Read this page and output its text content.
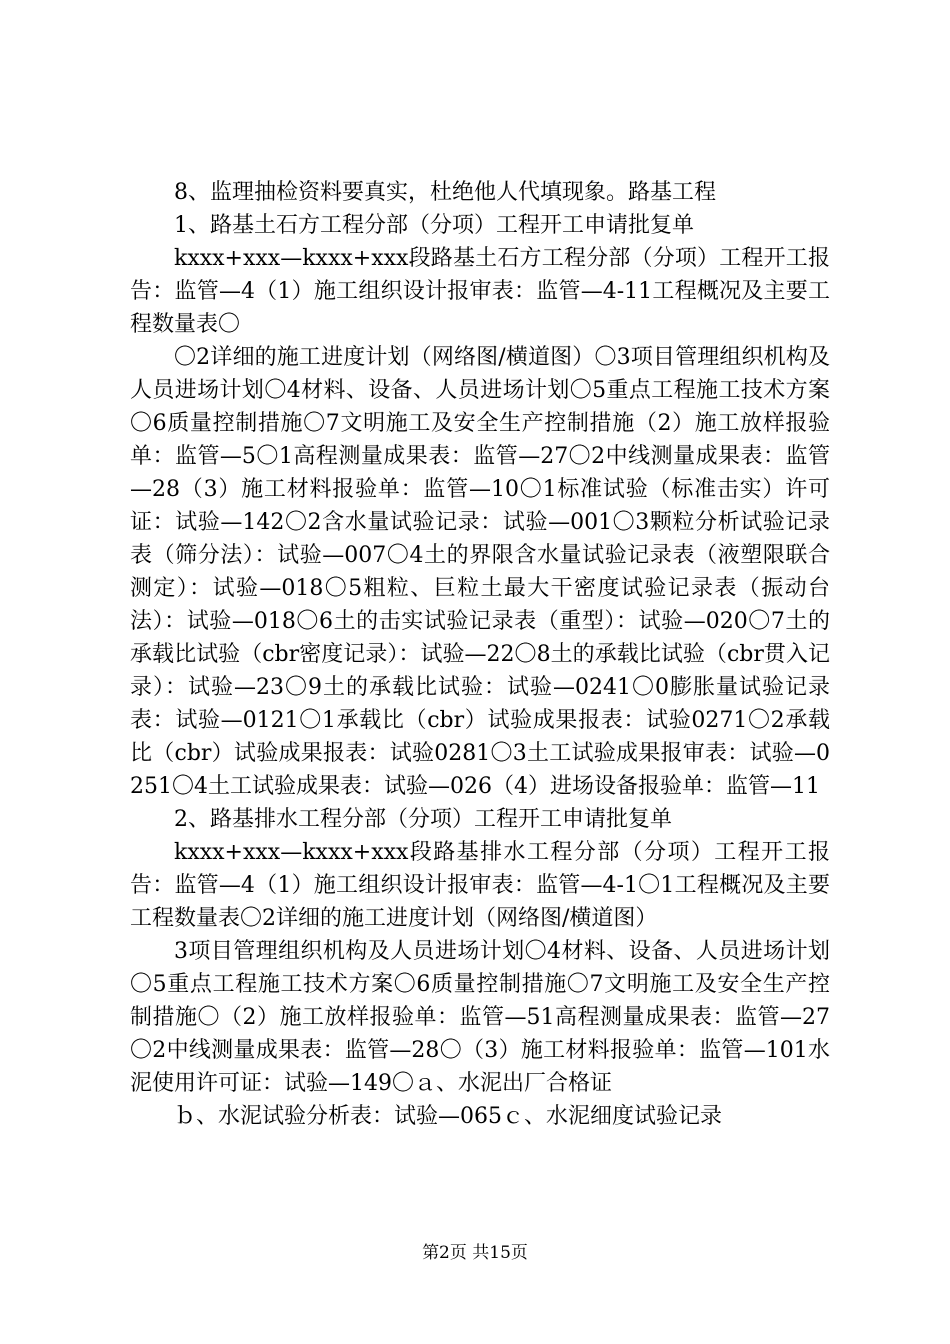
8、监理抽检资料要真实，杜绝他人代填现象。路基工程

1、路基土石方工程分部（分项）工程开工申请批复单

kxxx+xxx—kxxx+xxx段路基土石方工程分部（分项）工程开工报告：监管—4（1）施工组织设计报审表：监管—4-11工程概况及主要工程数量表〇

〇2详细的施工进度计划（网络图/横道图）〇3项目管理组织机构及人员进场计划〇4材料、设备、人员进场计划〇5重点工程施工技术方案〇6质量控制措施〇7文明施工及安全生产控制措施（2）施工放样报验单：监管—5〇1高程测量成果表：监管—27〇2中线测量成果表：监管—28（3）施工材料报验单：监管—10〇1标准试验（标准击实）许可证：试验—142〇2含水量试验记录：试验—001〇3颗粒分析试验记录表（筛分法）：试验—007〇4土的界限含水量试验记录表（液塑限联合测定）：试验—018〇5粗粒、巨粒土最大干密度试验记录表（振动台法）：试验—018〇6土的击实试验记录表（重型）：试验—020〇7土的承载比试验（cbr密度记录）：试验—22〇8土的承载比试验（cbr贯入记录）：试验—23〇9土的承载比试验：试验—0241〇0膨胀量试验记录表：试验—0121〇1承载比（cbr）试验成果报表：试验0271〇2承载比（cbr）试验成果报表：试验0281〇3土工试验成果报审表：试验—0251〇4土工试验成果表：试验—026（4）进场设备报验单：监管—11

2、路基排水工程分部（分项）工程开工申请批复单

kxxx+xxx—kxxx+xxx段路基排水工程分部（分项）工程开工报告：监管—4（1）施工组织设计报审表：监管—4-1〇1工程概况及主要工程数量表〇2详细的施工进度计划（网络图/横道图）

3项目管理组织机构及人员进场计划〇4材料、设备、人员进场计划〇5重点工程施工技术方案〇6质量控制措施〇7文明施工及安全生产控制措施〇（2）施工放样报验单：监管—51高程测量成果表：监管—27〇2中线测量成果表：监管—28〇（3）施工材料报验单：监管—101水泥使用许可证：试验—149〇ａ、水泥出厂合格证

ｂ、水泥试验分析表：试验—065ｃ、水泥细度试验记录

第2页 共15页
